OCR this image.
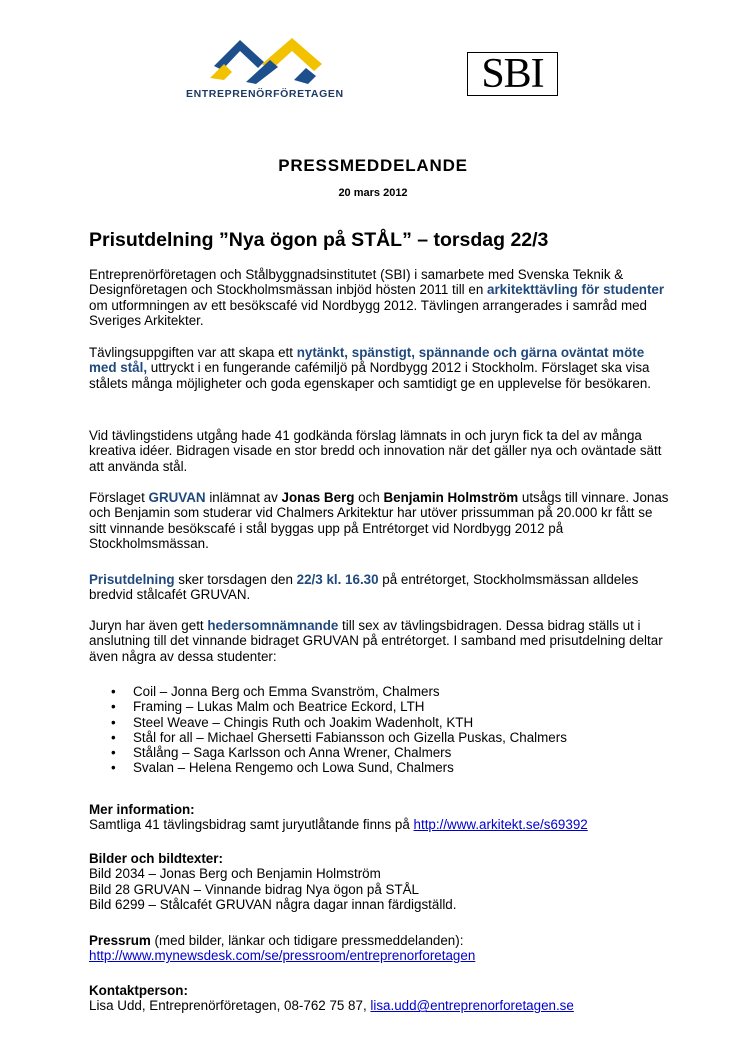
ENTREPRENÖRFÖRETAGEN	SBI
PRESSMEDDELANDE
20 mars 2012
Prisutdelning ”Nya ögon på STÅL” – torsdag 22/3
Entreprenörföretagen och Stålbyggnadsinstitutet (SBI) i samarbete med Svenska Teknik & Designföretagen och Stockholmsmässan inbjöd hösten 2011 till en arkitekttävling för studenter om utformningen av ett besökscafé vid Nordbygg 2012. Tävlingen arrangerades i samråd med Sveriges Arkitekter.
Tävlingsuppgiften var att skapa ett nytänkt, spänstigt, spännande och gärna oväntat möte med stål, uttryckt i en fungerande cafémiljö på Nordbygg 2012 i Stockholm. Förslaget ska visa stålets många möjligheter och goda egenskaper och samtidigt ge en upplevelse för besökaren.
Vid tävlingstidens utgång hade 41 godkända förslag lämnats in och juryn fick ta del av många kreativa idéer. Bidragen visade en stor bredd och innovation när det gäller nya och oväntade sätt att använda stål.
Förslaget GRUVAN inlämnat av Jonas Berg och Benjamin Holmström utsågs till vinnare. Jonas och Benjamin som studerar vid Chalmers Arkitektur har utöver prissumman på 20.000 kr fått se sitt vinnande besökscafé i stål byggas upp på Entrétorget vid Nordbygg 2012 på Stockholmsmässan.
Prisutdelning sker torsdagen den 22/3 kl. 16.30 på entrétorget, Stockholmsmässan alldeles bredvid stålcafét GRUVAN.
Juryn har även gett hedersomnämnande till sex av tävlingsbidragen. Dessa bidrag ställs ut i anslutning till det vinnande bidraget GRUVAN på entrétorget. I samband med prisutdelning deltar även några av dessa studenter:
• Coil – Jonna Berg och Emma Svanström, Chalmers
• Framing – Lukas Malm och Beatrice Eckord, LTH
• Steel Weave – Chingis Ruth och Joakim Wadenholt, KTH
• Stål for all – Michael Ghersetti Fabiansson och Gizella Puskas, Chalmers
• Stålång – Saga Karlsson och Anna Wrener, Chalmers
• Svalan – Helena Rengemo och Lowa Sund, Chalmers
Mer information:
Samtliga 41 tävlingsbidrag samt juryutlåtande finns på http://www.arkitekt.se/s69392
Bilder och bildtexter:
Bild 2034 – Jonas Berg och Benjamin Holmström
Bild 28 GRUVAN – Vinnande bidrag Nya ögon på STÅL
Bild 6299 – Stålcafét GRUVAN några dagar innan färdigställd.
Pressrum (med bilder, länkar och tidigare pressmeddelanden):
http://www.mynewsdesk.com/se/pressroom/entreprenorforetagen
Kontaktperson:
Lisa Udd, Entreprenörföretagen, 08-762 75 87, lisa.udd@entreprenorforetagen.se
